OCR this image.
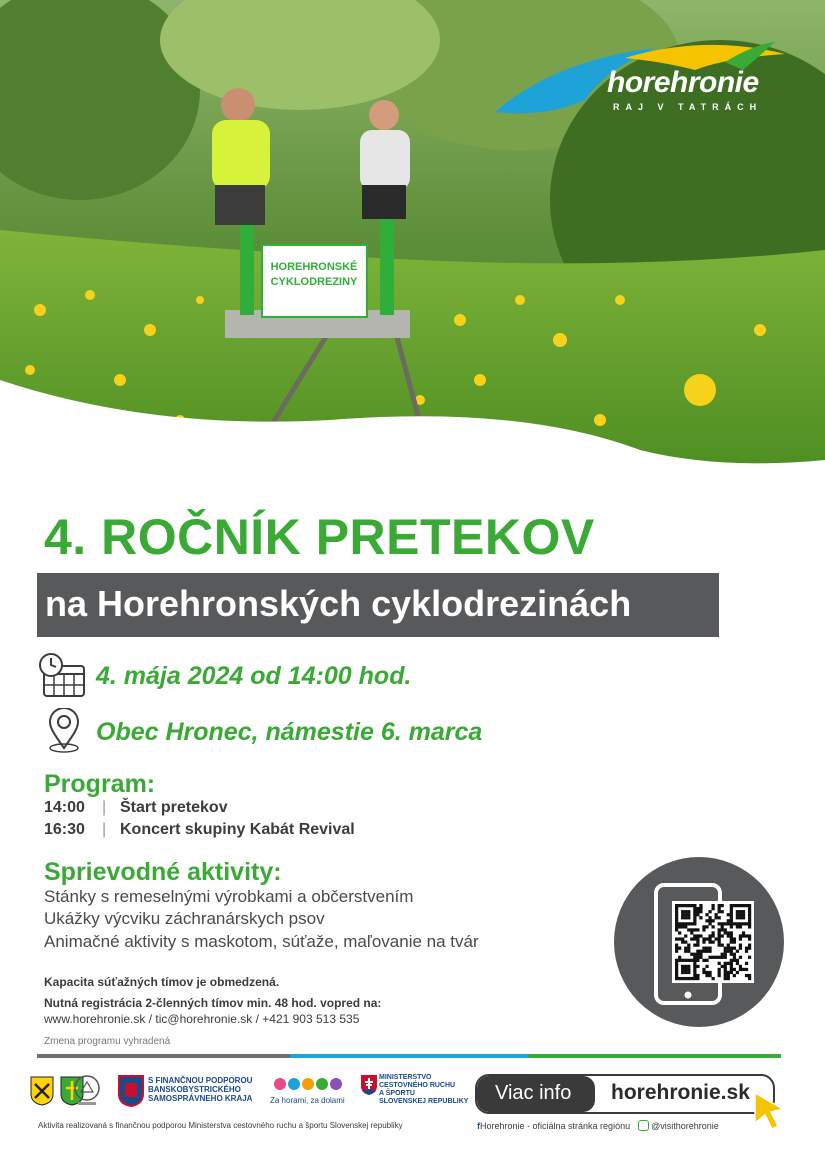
HOREHRONSKÉ
CYKLODREZINY
horehronie
RAJ V TATRÁCH
4. ROČNÍK PRETEKOV
na Horehronských cyklodrezinách
4. mája 2024 od 14:00 hod.
Obec Hronec, námestie 6. marca
Program:
14:00 | Štart pretekov
16:30 | Koncert skupiny Kabát Revival
Sprievodné aktivity:
Stánky s remeselnými výrobkami a občerstvením
Ukážky výcviku záchranárskych psov
Animačné aktivity s maskotom, súťaže, maľovanie na tvár
Kapacita súťažných tímov je obmedzená.
Nutná registrácia 2-členných tímov min. 48 hod. vopred na:
www.horehronie.sk / tic@horehronie.sk / +421 903 513 535
Zmena programu vyhradená
S FINANČNOU PODPOROU
BANSKOBYSTRICKÉHO
SAMOSPRÁVNEHO KRAJA Za horami, za dolami
MINISTERSTVO
CESTOVNÉHO RUCHU
A ŠPORTU
SLOVENSKEJ REPUBLIKY Viac info horehronie.sk
Aktivita realizovaná s finančnou podporou Ministerstva cestovného ruchu a športu Slovenskej republiky	fHorehronie - oficiálna stránka regiónu @visithorehronie
